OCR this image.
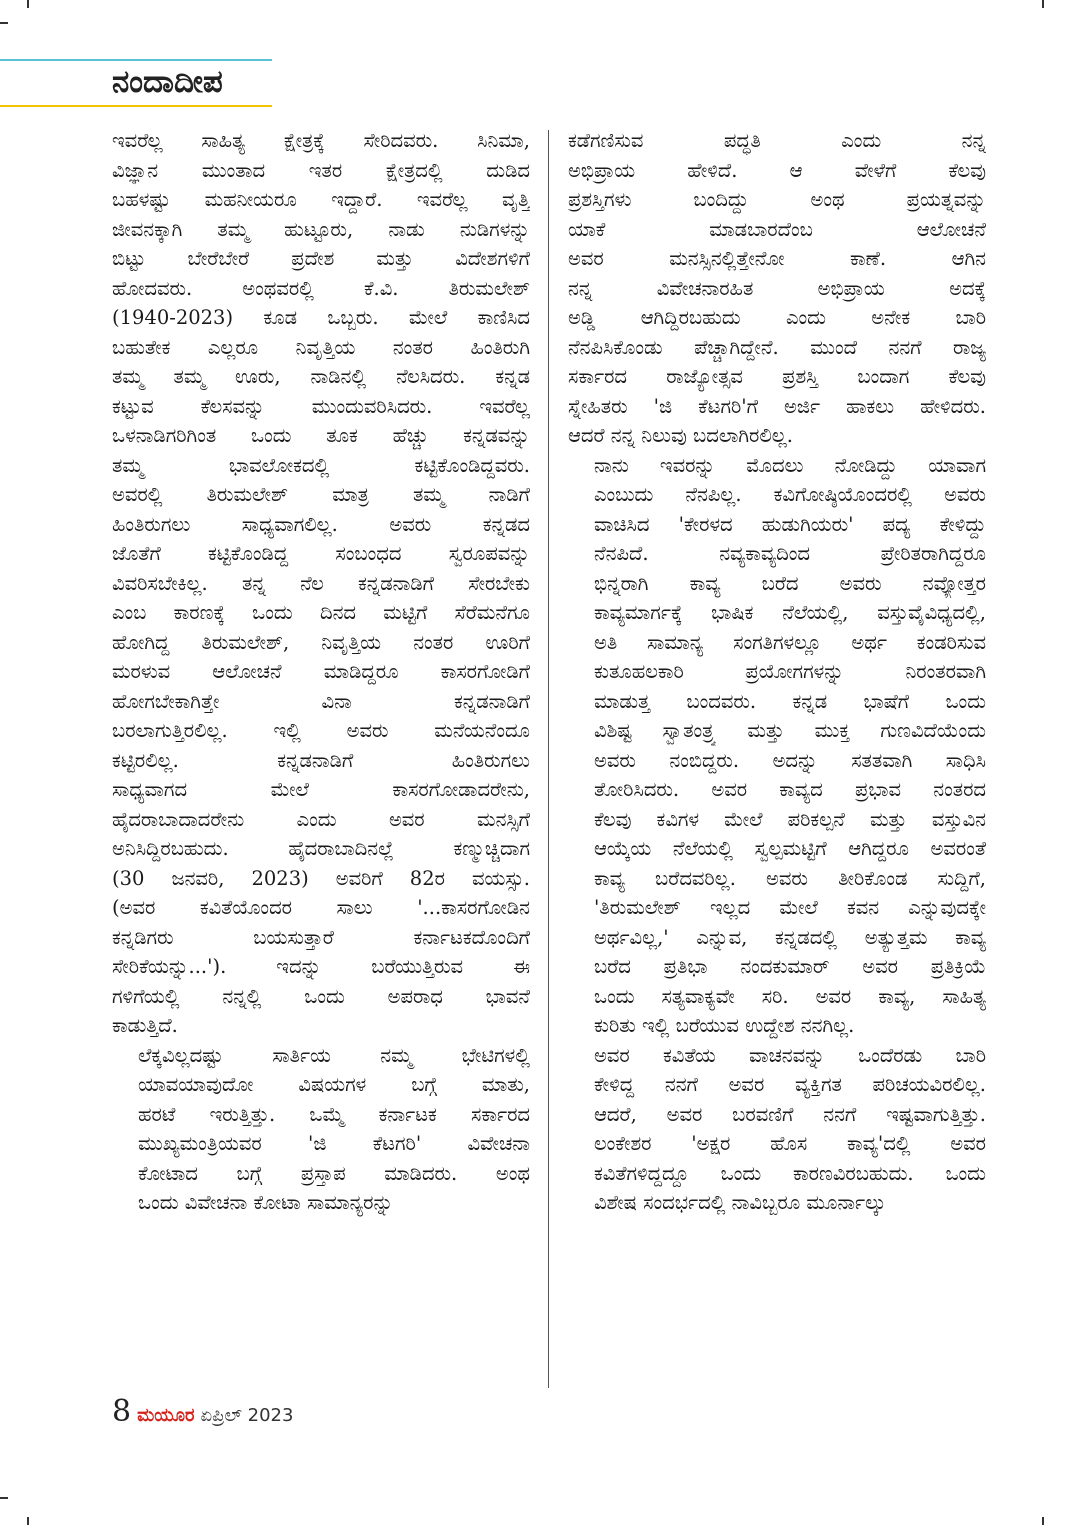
ನಂದಾದೀಪ

ಇವರೆಲ್ಲ ಸಾಹಿತ್ಯ ಕ್ಷೇತ್ರಕ್ಕೆ ಸೇರಿದವರು. ಸಿನಿಮಾ,
ವಿಜ್ಞಾನ ಮುಂತಾದ ಇತರ ಕ್ಷೇತ್ರದಲ್ಲಿ ದುಡಿದ
ಬಹಳಷ್ಟು ಮಹನೀಯರೂ ಇದ್ದಾರೆ. ಇವರೆಲ್ಲ ವೃತ್ತಿ
ಜೀವನಕ್ಕಾಗಿ ತಮ್ಮ ಹುಟ್ಟೂರು, ನಾಡು ನುಡಿಗಳನ್ನು
ಬಿಟ್ಟು ಬೇರೆಬೇರೆ ಪ್ರದೇಶ ಮತ್ತು ವಿದೇಶಗಳಿಗೆ
ಹೋದವರು. ಅಂಥವರಲ್ಲಿ ಕೆ.ವಿ. ತಿರುಮಲೇಶ್
(1940-2023) ಕೂಡ ಒಬ್ಬರು. ಮೇಲೆ ಕಾಣಿಸಿದ
ಬಹುತೇಕ ಎಲ್ಲರೂ ನಿವೃತ್ತಿಯ ನಂತರ ಹಿಂತಿರುಗಿ
ತಮ್ಮ ತಮ್ಮ ಊರು, ನಾಡಿನಲ್ಲಿ ನೆಲಸಿದರು. ಕನ್ನಡ
ಕಟ್ಟುವ ಕೆಲಸವನ್ನು ಮುಂದುವರಿಸಿದರು. ಇವರೆಲ್ಲ
ಒಳನಾಡಿಗರಿಗಿಂತ ಒಂದು ತೂಕ ಹೆಚ್ಚು ಕನ್ನಡವನ್ನು
ತಮ್ಮ ಭಾವಲೋಕದಲ್ಲಿ ಕಟ್ಟಿಕೊಂಡಿದ್ದವರು.
ಅವರಲ್ಲಿ ತಿರುಮಲೇಶ್ ಮಾತ್ರ ತಮ್ಮ ನಾಡಿಗೆ
ಹಿಂತಿರುಗಲು ಸಾಧ್ಯವಾಗಲಿಲ್ಲ. ಅವರು ಕನ್ನಡದ
ಜೊತೆಗೆ ಕಟ್ಟಿಕೊಂಡಿದ್ದ ಸಂಬಂಧದ ಸ್ವರೂಪವನ್ನು
ವಿವರಿಸಬೇಕಿಲ್ಲ. ತನ್ನ ನೆಲ ಕನ್ನಡನಾಡಿಗೆ ಸೇರಬೇಕು
ಎಂಬ ಕಾರಣಕ್ಕೆ ಒಂದು ದಿನದ ಮಟ್ಟಿಗೆ ಸೆರೆಮನೆಗೂ
ಹೋಗಿದ್ದ ತಿರುಮಲೇಶ್, ನಿವೃತ್ತಿಯ ನಂತರ ಊರಿಗೆ
ಮರಳುವ ಆಲೋಚನೆ ಮಾಡಿದ್ದರೂ ಕಾಸರಗೋಡಿಗೆ
ಹೋಗಬೇಕಾಗಿತ್ತೇ ವಿನಾ ಕನ್ನಡನಾಡಿಗೆ
ಬರಲಾಗುತ್ತಿರಲಿಲ್ಲ. ಇಲ್ಲಿ ಅವರು ಮನೆಯನೆಂದೂ
ಕಟ್ಟಿರಲಿಲ್ಲ. ಕನ್ನಡನಾಡಿಗೆ ಹಿಂತಿರುಗಲು
ಸಾಧ್ಯವಾಗದ ಮೇಲೆ ಕಾಸರಗೋಡಾದರೇನು,
ಹೈದರಾಬಾದಾದರೇನು ಎಂದು ಅವರ ಮನಸ್ಸಿಗೆ
ಅನಿಸಿದ್ದಿರಬಹುದು. ಹೈದರಾಬಾದಿನಲ್ಲೆ ಕಣ್ಮುಚ್ಚಿದಾಗ
(30 ಜನವರಿ, 2023) ಅವರಿಗೆ 82ರ ವಯಸ್ಸು.
(ಅವರ ಕವಿತೆಯೊಂದರ ಸಾಲು '...ಕಾಸರಗೋಡಿನ
ಕನ್ನಡಿಗರು ಬಯಸುತ್ತಾರೆ ಕರ್ನಾಟಕದೊಂದಿಗೆ
ಸೇರಿಕೆಯನ್ನು...'). ಇದನ್ನು ಬರೆಯುತ್ತಿರುವ ಈ
ಗಳಿಗೆಯಲ್ಲಿ ನನ್ನಲ್ಲಿ ಒಂದು ಅಪರಾಧ ಭಾವನೆ
ಕಾಡುತ್ತಿದೆ.

ಲೆಕ್ಕವಿಲ್ಲದಷ್ಟು ಸಾರ್ತಿಯ ನಮ್ಮ ಭೇಟಿಗಳಲ್ಲಿ
ಯಾವಯಾವುದೋ ವಿಷಯಗಳ ಬಗ್ಗೆ ಮಾತು,
ಹರಟೆ ಇರುತ್ತಿತ್ತು. ಒಮ್ಮೆ ಕರ್ನಾಟಕ ಸರ್ಕಾರದ
ಮುಖ್ಯಮಂತ್ರಿಯವರ 'ಜಿ ಕೆಟಗರಿ' ವಿವೇಚನಾ
ಕೋಟಾದ ಬಗ್ಗೆ ಪ್ರಸ್ತಾಪ ಮಾಡಿದರು. ಅಂಥ
ಒಂದು ವಿವೇಚನಾ ಕೋಟಾ ಸಾಮಾನ್ಯರನ್ನು

ಕಡೆಗಣಿಸುವ ಪದ್ಧತಿ ಎಂದು ನನ್ನ
ಅಭಿಪ್ರಾಯ ಹೇಳಿದೆ. ಆ ವೇಳೆಗೆ ಕೆಲವು
ಪ್ರಶಸ್ತಿಗಳು ಬಂದಿದ್ದು ಅಂಥ ಪ್ರಯತ್ನವನ್ನು
ಯಾಕೆ ಮಾಡಬಾರದೆಂಬ ಆಲೋಚನೆ
ಅವರ ಮನಸ್ಸಿನಲ್ಲಿತ್ತೇನೋ ಕಾಣೆ. ಆಗಿನ
ನನ್ನ ವಿವೇಚನಾರಹಿತ ಅಭಿಪ್ರಾಯ ಅದಕ್ಕೆ
ಅಡ್ಡಿ ಆಗಿದ್ದಿರಬಹುದು ಎಂದು ಅನೇಕ ಬಾರಿ
ನೆನಪಿಸಿಕೊಂಡು ಪೆಚ್ಚಾಗಿದ್ದೇನೆ. ಮುಂದೆ ನನಗೆ ರಾಜ್ಯ
ಸರ್ಕಾರದ ರಾಜ್ಯೋತ್ಸವ ಪ್ರಶಸ್ತಿ ಬಂದಾಗ ಕೆಲವು
ಸ್ನೇಹಿತರು 'ಜಿ ಕೆಟಗರಿ'ಗೆ ಅರ್ಜಿ ಹಾಕಲು ಹೇಳಿದರು.
ಆದರೆ ನನ್ನ ನಿಲುವು ಬದಲಾಗಿರಲಿಲ್ಲ.

ನಾನು ಇವರನ್ನು ಮೊದಲು ನೋಡಿದ್ದು ಯಾವಾಗ
ಎಂಬುದು ನೆನಪಿಲ್ಲ. ಕವಿಗೋಷ್ಠಿಯೊಂದರಲ್ಲಿ ಅವರು
ವಾಚಿಸಿದ 'ಕೇರಳದ ಹುಡುಗಿಯರು' ಪದ್ಯ ಕೇಳಿದ್ದು
ನೆನಪಿದೆ. ನವ್ಯಕಾವ್ಯದಿಂದ ಪ್ರೇರಿತರಾಗಿದ್ದರೂ
ಭಿನ್ನರಾಗಿ ಕಾವ್ಯ ಬರೆದ ಅವರು ನವ್ಯೋತ್ತರ
ಕಾವ್ಯಮಾರ್ಗಕ್ಕೆ ಭಾಷಿಕ ನೆಲೆಯಲ್ಲಿ, ವಸ್ತುವೈವಿಧ್ಯದಲ್ಲಿ,
ಅತಿ ಸಾಮಾನ್ಯ ಸಂಗತಿಗಳಲ್ಲೂ ಅರ್ಥ ಕಂಡರಿಸುವ
ಕುತೂಹಲಕಾರಿ ಪ್ರಯೋಗಗಳನ್ನು ನಿರಂತರವಾಗಿ
ಮಾಡುತ್ತ ಬಂದವರು. ಕನ್ನಡ ಭಾಷೆಗೆ ಒಂದು
ವಿಶಿಷ್ಟ ಸ್ವಾತಂತ್ರ್ಯ ಮತ್ತು ಮುಕ್ತ ಗುಣವಿದೆಯೆಂದು
ಅವರು ನಂಬಿದ್ದರು. ಅದನ್ನು ಸತತವಾಗಿ ಸಾಧಿಸಿ
ತೋರಿಸಿದರು. ಅವರ ಕಾವ್ಯದ ಪ್ರಭಾವ ನಂತರದ
ಕೆಲವು ಕವಿಗಳ ಮೇಲೆ ಪರಿಕಲ್ಪನೆ ಮತ್ತು ವಸ್ತುವಿನ
ಆಯ್ಕೆಯ ನೆಲೆಯಲ್ಲಿ ಸ್ವಲ್ಪಮಟ್ಟಿಗೆ ಆಗಿದ್ದರೂ ಅವರಂತೆ
ಕಾವ್ಯ ಬರೆದವರಿಲ್ಲ. ಅವರು ತೀರಿಕೊಂಡ ಸುದ್ದಿಗೆ,
'ತಿರುಮಲೇಶ್ ಇಲ್ಲದ ಮೇಲೆ ಕವನ ಎನ್ನುವುದಕ್ಕೇ
ಅರ್ಥವಿಲ್ಲ,' ಎನ್ನುವ, ಕನ್ನಡದಲ್ಲಿ ಅತ್ಯುತ್ತಮ ಕಾವ್ಯ
ಬರೆದ ಪ್ರತಿಭಾ ನಂದಕುಮಾರ್ ಅವರ ಪ್ರತಿಕ್ರಿಯೆ
ಒಂದು ಸತ್ಯವಾಕ್ಯವೇ ಸರಿ. ಅವರ ಕಾವ್ಯ, ಸಾಹಿತ್ಯ
ಕುರಿತು ಇಲ್ಲಿ ಬರೆಯುವ ಉದ್ದೇಶ ನನಗಿಲ್ಲ.

ಅವರ ಕವಿತೆಯ ವಾಚನವನ್ನು ಒಂದೆರಡು ಬಾರಿ
ಕೇಳಿದ್ದ ನನಗೆ ಅವರ ವ್ಯಕ್ತಿಗತ ಪರಿಚಯವಿರಲಿಲ್ಲ.
ಆದರೆ, ಅವರ ಬರವಣಿಗೆ ನನಗೆ ಇಷ್ಟವಾಗುತ್ತಿತ್ತು.
ಲಂಕೇಶರ 'ಅಕ್ಷರ ಹೊಸ ಕಾವ್ಯ'ದಲ್ಲಿ ಅವರ
ಕವಿತೆಗಳಿದ್ದದ್ದೂ ಒಂದು ಕಾರಣವಿರಬಹುದು. ಒಂದು
ವಿಶೇಷ ಸಂದರ್ಭದಲ್ಲಿ ನಾವಿಬ್ಬರೂ ಮೂರ್ನಾಲ್ಕು

8 ಮಯೂರ ಏಪ್ರಿಲ್ 2023
